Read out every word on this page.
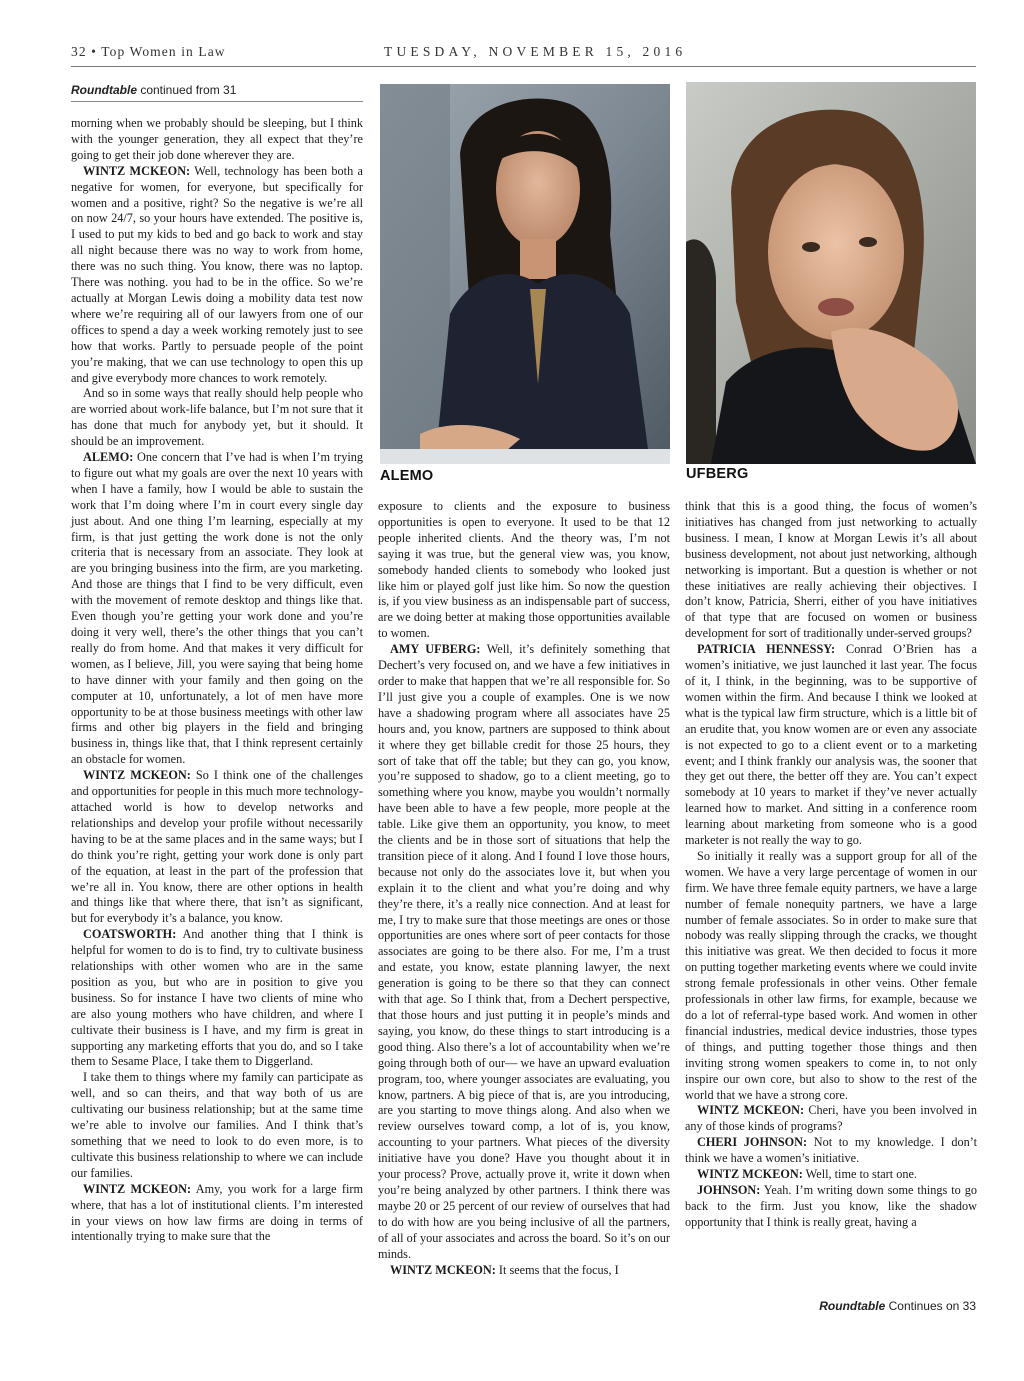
32 • Top Women in Law	TUESDAY, NOVEMBER 15, 2016
Roundtable continued from 31

morning when we probably should be sleeping, but I think with the younger generation, they all expect that they’re going to get their job done wherever they are.

WINTZ MCKEON: Well, technology has been both a negative for women, for everyone, but specifically for women and a positive, right? So the negative is we’re all on now 24/7, so your hours have extended. The positive is, I used to put my kids to bed and go back to work and stay all night because there was no way to work from home, there was no such thing. You know, there was no laptop. There was nothing. you had to be in the office. So we’re actually at Morgan Lewis doing a mobility data test now where we’re requiring all of our lawyers from one of our offices to spend a day a week working remotely just to see how that works. Partly to persuade people of the point you’re making, that we can use technology to open this up and give everybody more chances to work remotely.

And so in some ways that really should help people who are worried about work-life balance, but I’m not sure that it has done that much for anybody yet, but it should. It should be an improvement.

ALEMO: One concern that I’ve had is when I’m trying to figure out what my goals are over the next 10 years with when I have a family, how I would be able to sustain the work that I’m doing where I’m in court every single day just about. And one thing I’m learning, especially at my firm, is that just getting the work done is not the only criteria that is necessary from an associate. They look at are you bringing business into the firm, are you marketing. And those are things that I find to be very difficult, even with the movement of remote desktop and things like that. Even though you’re getting your work done and you’re doing it very well, there’s the other things that you can’t really do from home. And that makes it very difficult for women, as I believe, Jill, you were saying that being home to have dinner with your family and then going on the computer at 10, unfortunately, a lot of men have more opportunity to be at those business meetings with other law firms and other big players in the field and bringing business in, things like that, that I think represent certainly an obstacle for women.

WINTZ MCKEON: So I think one of the challenges and opportunities for people in this much more technology-attached world is how to develop networks and relationships and develop your profile without necessarily having to be at the same places and in the same ways; but I do think you’re right, getting your work done is only part of the equation, at least in the part of the profession that we’re all in. You know, there are other options in health and things like that where there, that isn’t as significant, but for everybody it’s a balance, you know.

COATSWORTH: And another thing that I think is helpful for women to do is to find, try to cultivate business relationships with other women who are in the same position as you, but who are in position to give you business. So for instance I have two clients of mine who are also young mothers who have children, and where I cultivate their business is I have, and my firm is great in supporting any marketing efforts that you do, and so I take them to Sesame Place, I take them to Diggerland.

I take them to things where my family can participate as well, and so can theirs, and that way both of us are cultivating our business relationship; but at the same time we’re able to involve our families. And I think that’s something that we need to look to do even more, is to cultivate this business relationship to where we can include our families.

WINTZ MCKEON: Amy, you work for a large firm where, that has a lot of institutional clients. I’m interested in your views on how law firms are doing in terms of intentionally trying to make sure that the

exposure to clients and the exposure to business opportunities is open to everyone. It used to be that 12 people inherited clients. And the theory was, I’m not saying it was true, but the general view was, you know, somebody handed clients to somebody who looked just like him or played golf just like him. So now the question is, if you view business as an indispensable part of success, are we doing better at making those opportunities available to women.

AMY UFBERG: Well, it’s definitely something that Dechert’s very focused on, and we have a few initiatives in order to make that happen that we’re all responsible for. So I’ll just give you a couple of examples. One is we now have a shadowing program where all associates have 25 hours and, you know, partners are supposed to think about it where they get billable credit for those 25 hours, they sort of take that off the table; but they can go, you know, you’re supposed to shadow, go to a client meeting, go to something where you know, maybe you wouldn’t normally have been able to have a few people, more people at the table. Like give them an opportunity, you know, to meet the clients and be in those sort of situations that help the transition piece of it along. And I found I love those hours, because not only do the associates love it, but when you explain it to the client and what you’re doing and why they’re there, it’s a really nice connection. And at least for me, I try to make sure that those meetings are ones or those opportunities are ones where sort of peer contacts for those associates are going to be there also. For me, I’m a trust and estate, you know, estate planning lawyer, the next generation is going to be there so that they can connect with that age. So I think that, from a Dechert perspective, that those hours and just putting it in people’s minds and saying, you know, do these things to start introducing is a good thing. Also there’s a lot of accountability when we’re going through both of our— we have an upward evaluation program, too, where younger associates are evaluating, you know, partners. A big piece of that is, are you introducing, are you starting to move things along. And also when we review ourselves toward comp, a lot of is, you know, accounting to your partners. What pieces of the diversity initiative have you done? Have you thought about it in your process? Prove, actually prove it, write it down when you’re being analyzed by other partners. I think there was maybe 20 or 25 percent of our review of ourselves that had to do with how are you being inclusive of all the partners, of all of your associates and across the board. So it’s on our minds.

WINTZ MCKEON: It seems that the focus, I

think that this is a good thing, the focus of women’s initiatives has changed from just networking to actually business. I mean, I know at Morgan Lewis it’s all about business development, not about just networking, although networking is important. But a question is whether or not these initiatives are really achieving their objectives. I don’t know, Patricia, Sherri, either of you have initiatives of that type that are focused on women or business development for sort of traditionally under-served groups?

PATRICIA HENNESSY: Conrad O’Brien has a women’s initiative, we just launched it last year. The focus of it, I think, in the beginning, was to be supportive of women within the firm. And because I think we looked at what is the typical law firm structure, which is a little bit of an erudite that, you know women are or even any associate is not expected to go to a client event or to a marketing event; and I think frankly our analysis was, the sooner that they get out there, the better off they are. You can’t expect somebody at 10 years to market if they’ve never actually learned how to market. And sitting in a conference room learning about marketing from someone who is a good marketer is not really the way to go.

So initially it really was a support group for all of the women. We have a very large percentage of women in our firm. We have three female equity partners, we have a large number of female nonequity partners, we have a large number of female associates. So in order to make sure that nobody was really slipping through the cracks, we thought this initiative was great. We then decided to focus it more on putting together marketing events where we could invite strong female professionals in other veins. Other female professionals in other law firms, for example, because we do a lot of referral-type based work. And women in other financial industries, medical device industries, those types of things, and putting together those things and then inviting strong women speakers to come in, to not only inspire our own core, but also to show to the rest of the world that we have a strong core.

WINTZ MCKEON: Cheri, have you been involved in any of those kinds of programs?

CHERI JOHNSON: Not to my knowledge. I don’t think we have a women’s initiative.

WINTZ MCKEON: Well, time to start one.

JOHNSON: Yeah. I’m writing down some things to go back to the firm. Just you know, like the shadow opportunity that I think is really great, having a

ALEMO	UFBERG
Roundtable Continues on 33
